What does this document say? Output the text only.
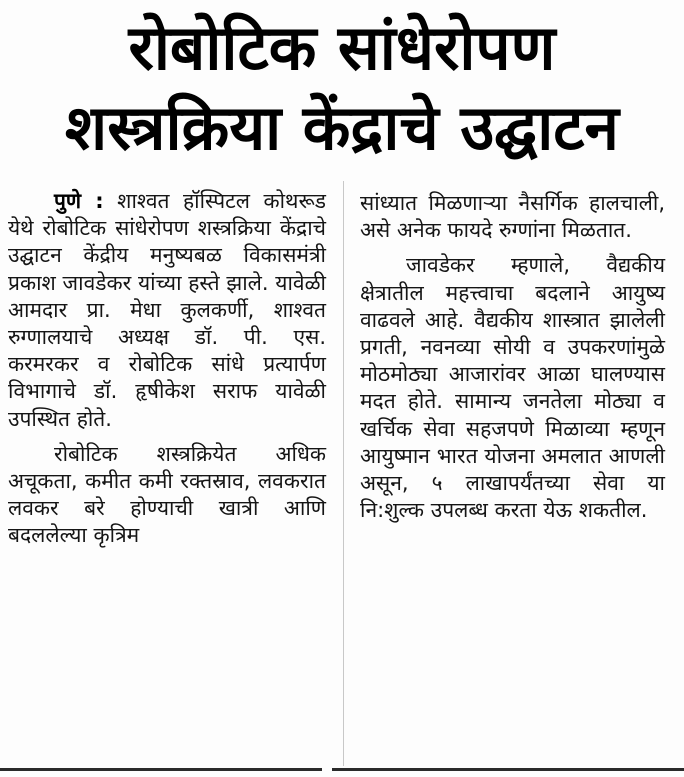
रोबोटिक सांधेरोपण
शस्त्रक्रिया केंद्राचे उद्घाटन

पुणे : शाश्वत हॉस्पिटल कोथरूड येथे रोबोटिक सांधेरोपण शस्त्रक्रिया केंद्राचे उद्घाटन केंद्रीय मनुष्यबळ विकासमंत्री प्रकाश जावडेकर यांच्या हस्ते झाले. यावेळी आमदार प्रा. मेधा कुलकर्णी, शाश्वत रुग्णालयाचे अध्यक्ष डॉ. पी. एस. करमरकर व रोबोटिक सांधे प्रत्यार्पण विभागाचे डॉ. हृषीकेश सराफ यावेळी उपस्थित होते.

रोबोटिक शस्त्रक्रियेत अधिक अचूकता, कमीत कमी रक्तस्राव, लवकरात लवकर बरे होण्याची खात्री आणि बदललेल्या कृत्रिम

सांध्यात मिळणाऱ्या नैसर्गिक हालचाली, असे अनेक फायदे रुग्णांना मिळतात.

जावडेकर म्हणाले, वैद्यकीय क्षेत्रातील महत्त्वाचा बदलाने आयुष्य वाढवले आहे. वैद्यकीय शास्त्रात झालेली प्रगती, नवनव्या सोयी व उपकरणांमुळे मोठमोठ्या आजारांवर आळा घालण्यास मदत होते. सामान्य जनतेला मोठ्या व खर्चिक सेवा सहजपणे मिळाव्या म्हणून आयुष्मान भारत योजना अमलात आणली असून, ५ लाखापर्यंतच्या सेवा या नि:शुल्क उपलब्ध करता येऊ शकतील.
